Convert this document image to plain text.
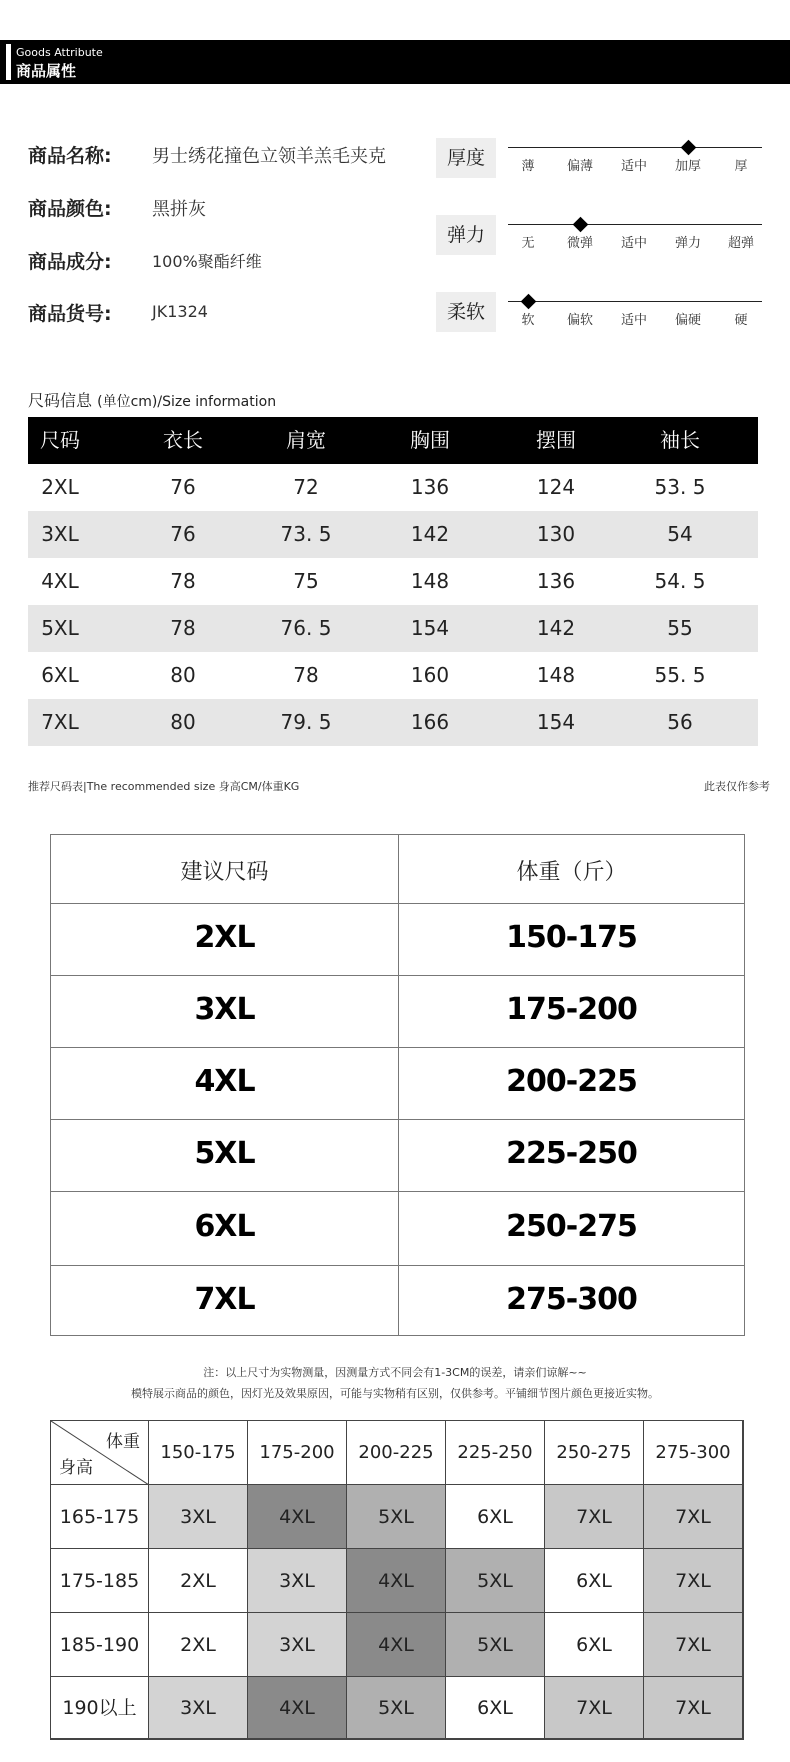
Goods Attribute
商品属性
商品名称: 男士绣花撞色立领羊羔毛夹克
商品颜色: 黑拼灰
商品成分:	100%聚酯纤维
商品货号:	JK1324
厚度	薄	偏薄	适中	加厚	厚
弹力	无	微弹	适中	弹力	超弹
柔软	软	偏软	适中	偏硬	硬
尺码信息 (单位cm)/Size information
尺码	衣长	肩宽	胸围	摆围	袖长
2XL	76	72	136	124	53. 5
3XL	76	73. 5	142	130	54
4XL	78	75	148	136	54. 5
5XL	78	76. 5	154	142	55
6XL	80	78	160	148	55. 5
7XL	80	79. 5	166	154	56
推荐尺码表|The recommended size 身高CM/体重KG	此表仅作参考
建议尺码	体重（斤）
2XL	150-175
3XL	175-200
4XL	200-225
5XL	225-250
6XL	250-275
7XL	275-300
注：以上尺寸为实物测量，因测量方式不同会有1-3CM的误差，请亲们谅解~~
模特展示商品的颜色，因灯光及效果原因，可能与实物稍有区别，仅供参考。平铺细节图片颜色更接近实物。
体重
身高
150-175	175-200	200-225	225-250	250-275	275-300
165-175	3XL	4XL	5XL	6XL	7XL	7XL
175-185	2XL	3XL	4XL	5XL	6XL	7XL
185-190	2XL	3XL	4XL	5XL	6XL	7XL
190以上	3XL	4XL	5XL	6XL	7XL	7XL
